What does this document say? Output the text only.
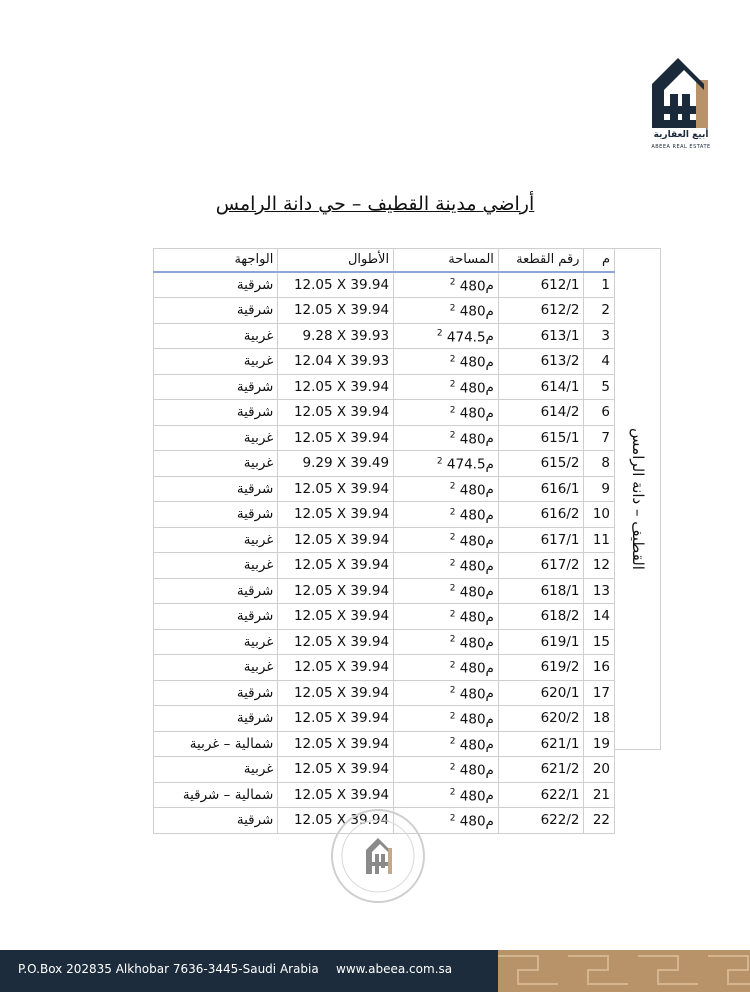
أبيع العقارية
ABEEA REAL ESTATE
أراضي مدينة القطيف – حي دانة الرامس
م	رقم القطعة	المساحة	الأطوال	الواجهة
1	612/1	م$^2$ 480	12.05 X 39.94	شرقية
2	612/2	م$^2$ 480	12.05 X 39.94	شرقية
3	613/1	م$^2$ 474.5	9.28 X 39.93	غربية
4	613/2	م$^2$ 480	12.04 X 39.93	غربية
5	614/1	م$^2$ 480	12.05 X 39.94	شرقية
6	614/2	م$^2$ 480	12.05 X 39.94	شرقية
7	615/1	م$^2$ 480	12.05 X 39.94	غربية
8	615/2	م$^2$ 474.5	9.29 X 39.49	غربية
9	616/1	م$^2$ 480	12.05 X 39.94	شرقية
10	616/2	م$^2$ 480	12.05 X 39.94	شرقية
11	617/1	م$^2$ 480	12.05 X 39.94	غربية
12	617/2	م$^2$ 480	12.05 X 39.94	غربية
13	618/1	م$^2$ 480	12.05 X 39.94	شرقية
14	618/2	م$^2$ 480	12.05 X 39.94	شرقية
15	619/1	م$^2$ 480	12.05 X 39.94	غربية
16	619/2	م$^2$ 480	12.05 X 39.94	غربية
17	620/1	م$^2$ 480	12.05 X 39.94	شرقية
18	620/2	م$^2$ 480	12.05 X 39.94	شرقية
19	621/1	م$^2$ 480	12.05 X 39.94	شمالية – غربية
20	621/2	م$^2$ 480	12.05 X 39.94	غربية
21	622/1	م$^2$ 480	12.05 X 39.94	شمالية – شرقية
22	622/2	م$^2$ 480	12.05 X 39.94	شرقية
القطيف – دانة الرامس
P.O.Box 202835 Alkhobar 7636-3445-Saudi Arabia www.abeea.com.sa
